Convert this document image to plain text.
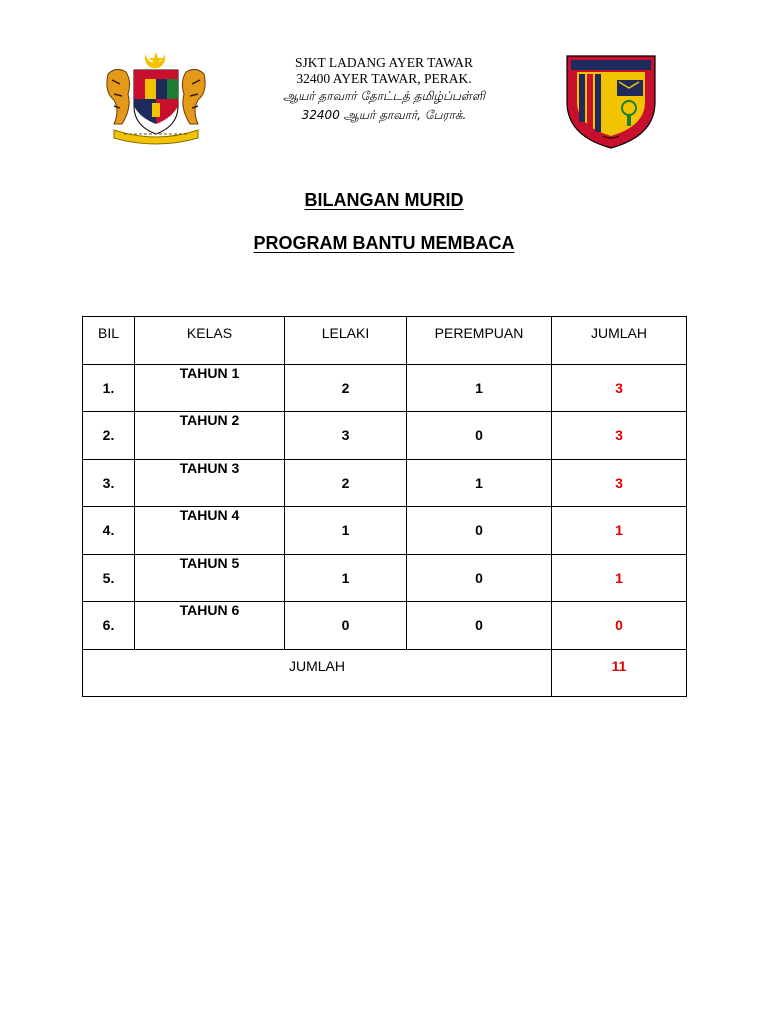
SJKT LADANG AYER TAWAR
32400 AYER TAWAR, PERAK.
ஆயர் தாவார் தோட்டத் தமிழ்ப்பள்ளி
32400 ஆயர் தாவார், பேராக்.
BILANGAN MURID
PROGRAM BANTU MEMBACA
BIL	KELAS	LELAKI	PEREMPUAN	JUMLAH
1.	TAHUN 1	2	1	3
2.	TAHUN 2	3	0	3
3.	TAHUN 3	2	1	3
4.	TAHUN 4	1	0	1
5.	TAHUN 5	1	0	1
6.	TAHUN 6	0	0	0
JUMLAH				11
